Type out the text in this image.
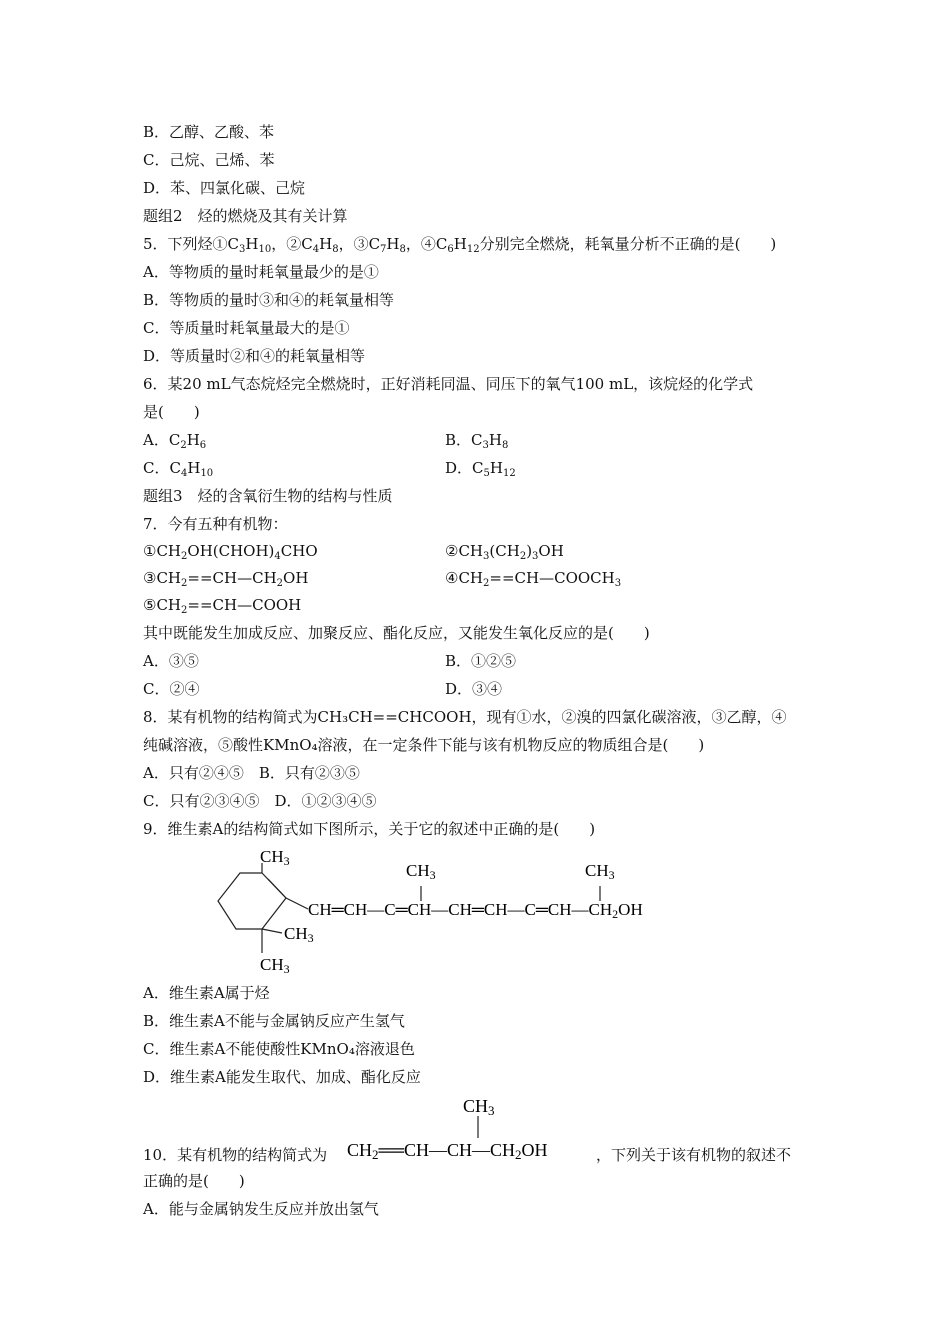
B．乙醇、乙酸、苯
C．己烷、己烯、苯
D．苯、四氯化碳、己烷
题组2　烃的燃烧及其有关计算
5．下列烃$①C_3H_{10}$，$②C_4H_8$，$③C_7H_8$，$④C_6H_{12}$分别完全燃烧，耗氧量分析不正确的是(　　)
A．等物质的量时耗氧量最少的是①
B．等物质的量时③和④的耗氧量相等
C．等质量时耗氧量最大的是①
D．等质量时②和④的耗氧量相等
6．某20 mL气态烷烃完全燃烧时，正好消耗同温、同压下的氧气100 mL，该烷烃的化学式
是(　　)
A．$C_2H_6$	B．$C_3H_8$
C．$C_4H_{10}$	D．$C_5H_{12}$
题组3　烃的含氧衍生物的结构与性质
7．今有五种有机物：
$①CH_2OH(CHOH)_4CHO$	$②CH_3(CH_2)_3OH$
$③CH_2==CH—CH_2OH$	$④CH_2==CH—COOCH_3$
$⑤CH_2==CH—COOH$
其中既能发生加成反应、加聚反应、酯化反应，又能发生氧化反应的是(　　)
A．③⑤	B．①②⑤
C．②④	D．③④
8．某有机物的结构简式为CH₃CH==CHCOOH，现有①水，②溴的四氯化碳溶液，③乙醇，④
纯碱溶液，⑤酸性KMnO₄溶液，在一定条件下能与该有机物反应的物质组合是(　　)
A．只有②④⑤　B．只有②③⑤
C．只有②③④⑤　D．①②③④⑤
9．维生素A的结构简式如下图所示，关于它的叙述中正确的是(　　)
CH3
CH3
CH3
CH3	CH3
CH═CH—C═CH—CH═CH—C═CH—CH2OH
A．维生素A属于烃
B．维生素A不能与金属钠反应产生氢气
C．维生素A不能使酸性KMnO₄溶液退色
D．维生素A能发生取代、加成、酯化反应
10．某有机物的结构简式为
CH3
CH2══CH—CH—CH2OH	，下列关于该有机物的叙述不
正确的是(　　)
A．能与金属钠发生反应并放出氢气
